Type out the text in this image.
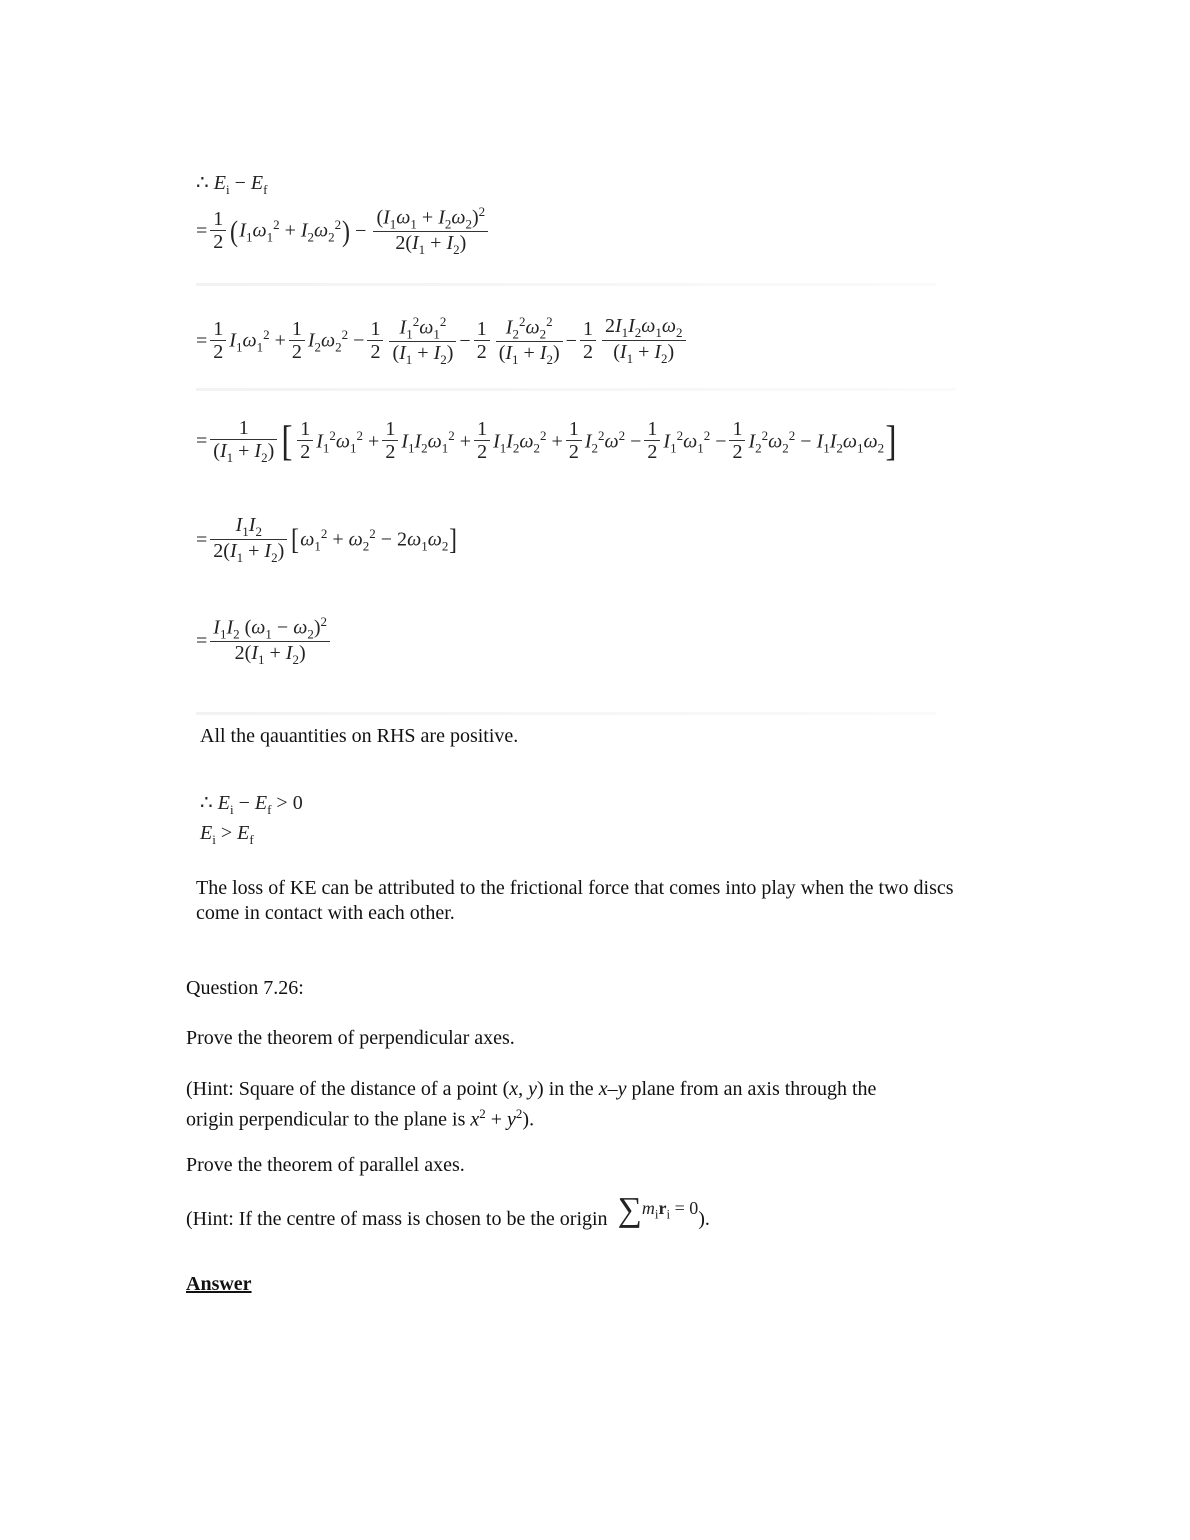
∴ $E_i - E_f$
= $\frac{1}{2}$ ( $I_1\omega_1^2 + I_2\omega_2^2$ ) − $\frac{(I_1\omega_1 + I_2\omega_2)^2}{2(I_1 + I_2)}$
= $\frac{1}{2} I_1\omega_1^2 + \frac{1}{2} I_2\omega_2^2 - \frac{1}{2} \frac{I_1^2\omega_1^2}{(I_1 + I_2)} - \frac{1}{2} \frac{I_2^2\omega_2^2}{(I_1 + I_2)} - \frac{1}{2} \frac{2I_1I_2\omega_1\omega_2}{(I_1 + I_2)}$
= $\frac{1}{(I_1 + I_2)}$ [ $\frac{1}{2} I_1^2\omega_1^2 + \frac{1}{2} I_1I_2\omega_1^2 + \frac{1}{2} I_1I_2\omega_2^2 + \frac{1}{2} I_2^2\omega^2 - \frac{1}{2} I_1^2\omega_1^2 - \frac{1}{2} I_2^2\omega_2^2 - I_1I_2\omega_1\omega_2$ ]
= $\frac{I_1I_2}{2(I_1 + I_2)}$ [ $\omega_1^2 + \omega_2^2 - 2\omega_1\omega_2$ ]
= $\frac{I_1I_2 (\omega_1 - \omega_2)^2}{2(I_1 + I_2)}$
All the qauantities on RHS are positive.
∴ $E_i - E_f > 0$
$E_i > E_f$
The loss of KE can be attributed to the frictional force that comes into play when the two discs come in contact with each other.
Question 7.26:
Prove the theorem of perpendicular axes.
(Hint: Square of the distance of a point (x, y) in the x–y plane from an axis through the
origin perpendicular to the plane is $x^2 + y^2$).
Prove the theorem of parallel axes.
(Hint: If the centre of mass is chosen to be the origin $\sum m_ir_i = 0$ ).
Answer
